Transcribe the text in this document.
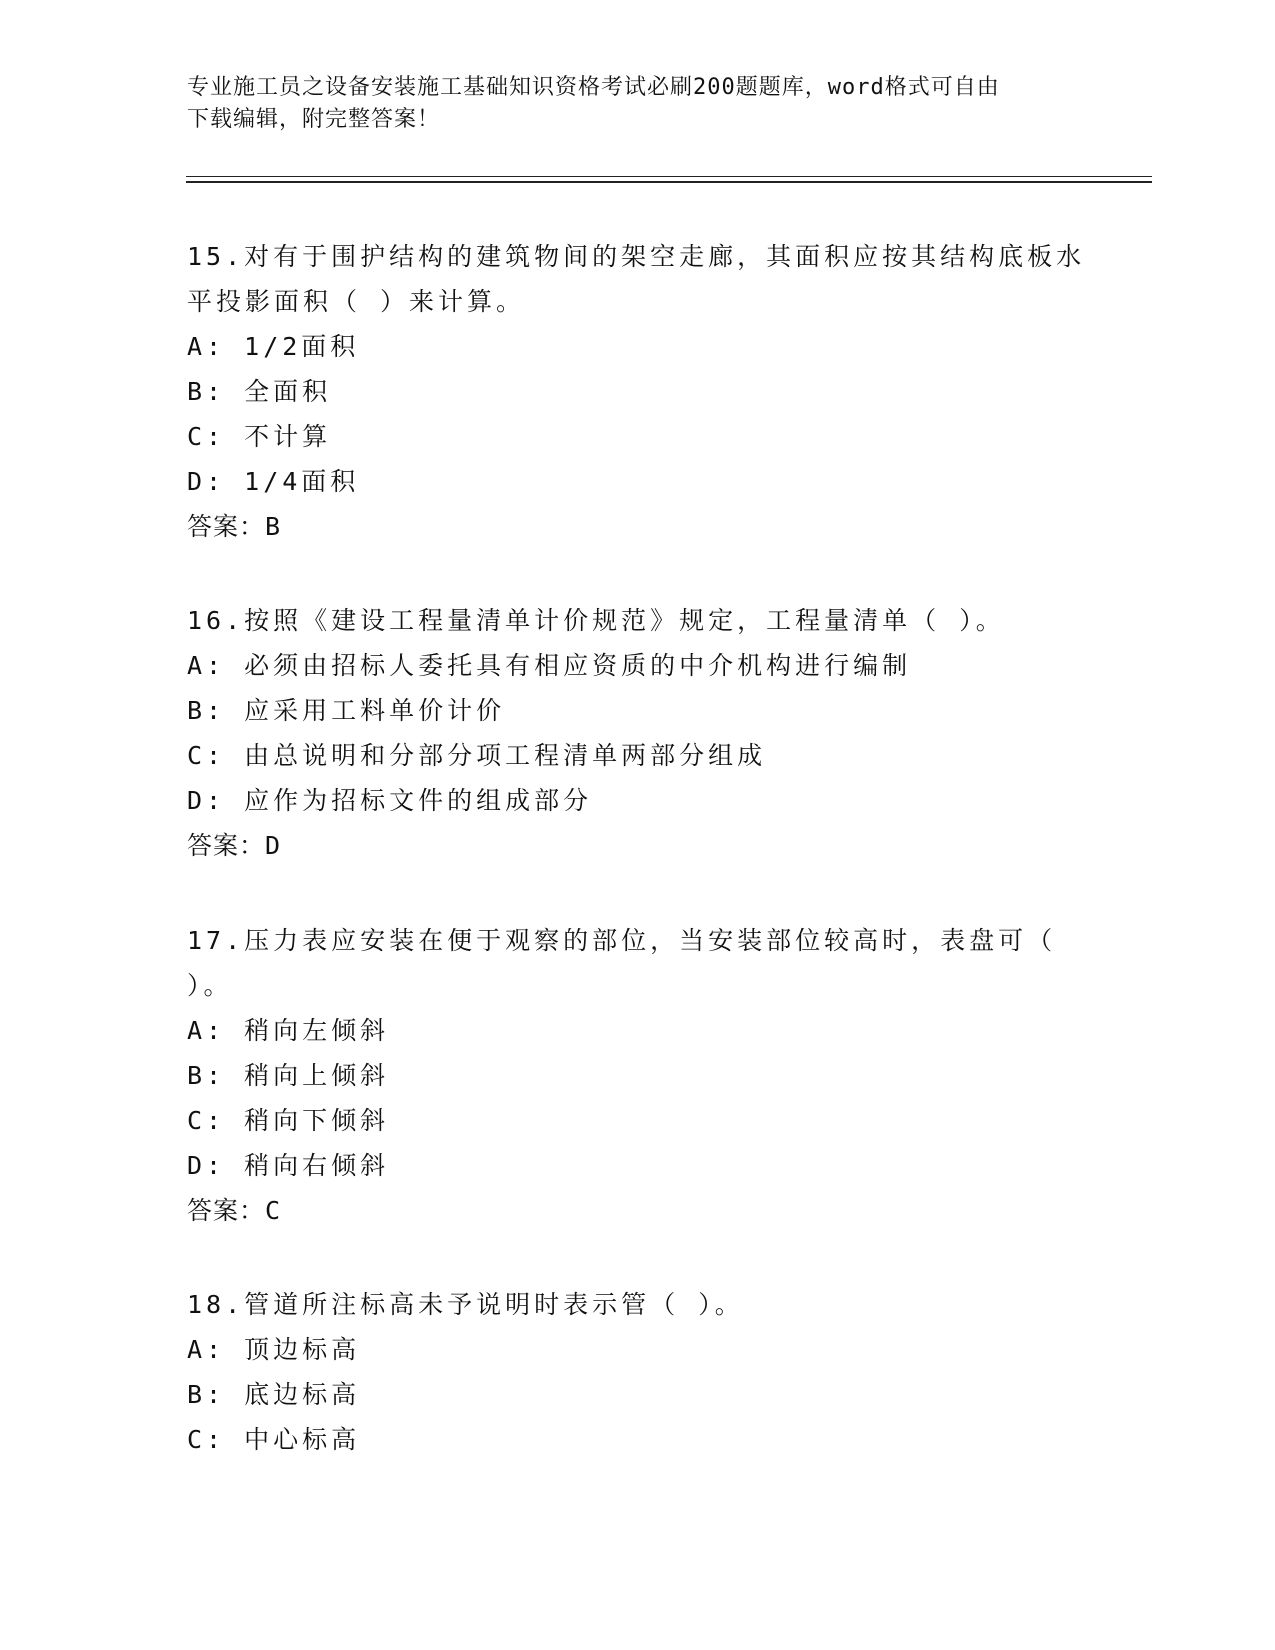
专业施工员之设备安装施工基础知识资格考试必刷200题题库，word格式可自由
下载编辑，附完整答案！

15.对有于围护结构的建筑物间的架空走廊，其面积应按其结构底板水

平投影面积（ ）来计算。

A: 1/2面积

B: 全面积

C: 不计算

D: 1/4面积

答案：B

16.按照《建设工程量清单计价规范》规定，工程量清单（ ）。

A: 必须由招标人委托具有相应资质的中介机构进行编制

B: 应采用工料单价计价

C: 由总说明和分部分项工程清单两部分组成

D: 应作为招标文件的组成部分

答案：D

17.压力表应安装在便于观察的部位，当安装部位较高时，表盘可（

）。

A: 稍向左倾斜

B: 稍向上倾斜

C: 稍向下倾斜

D: 稍向右倾斜

答案：C

18.管道所注标高未予说明时表示管（ ）。

A: 顶边标高

B: 底边标高

C: 中心标高
